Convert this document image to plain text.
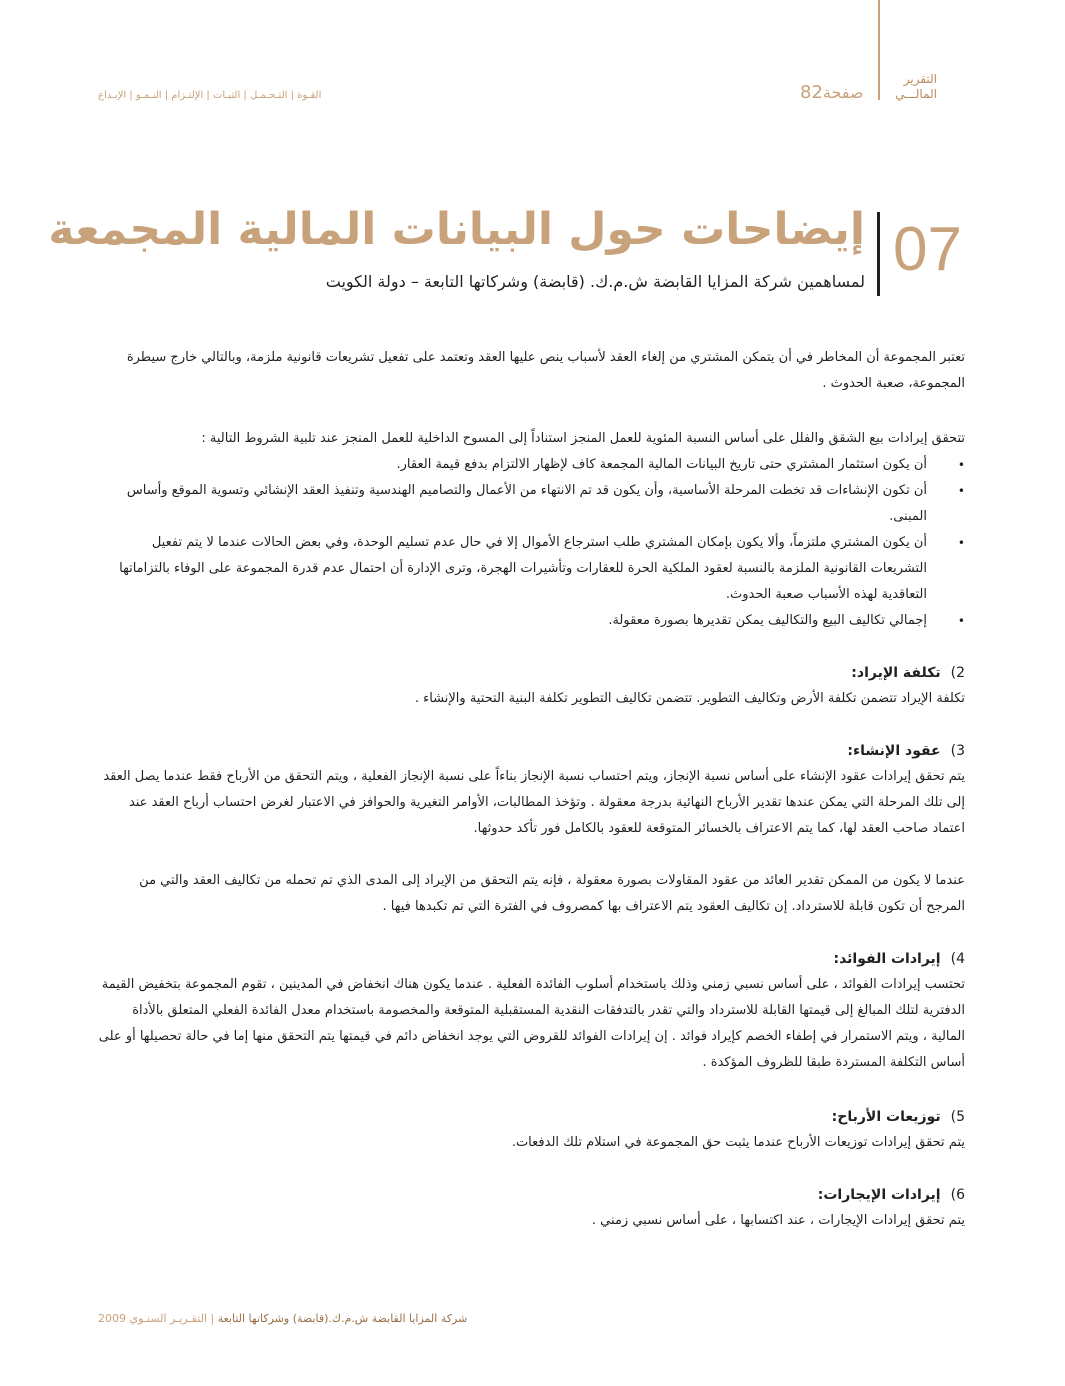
التقرير
المالـــي
صفحة82
القـوة | التـحـمـل | الثبـات | الإلتـزام | النـمـو | الإبـداع
07
إيضاحات حول البيانات المالية المجمعة
لمساهمين شركة المزايا القابضة ش.م.ك. (قابضة) وشركاتها التابعة – دولة الكويت

تعتبر المجموعة أن المخاطر في أن يتمكن المشتري من إلغاء العقد لأسباب ينص عليها العقد وتعتمد على تفعيل تشريعات قانونية ملزمة، وبالتالي خارج سيطرة المجموعة، صعبة الحدوث .

تتحقق إيرادات بيع الشقق والفلل على أساس النسبة المئوية للعمل المنجز استناداً إلى المسوح الداخلية للعمل المنجز عند تلبية الشروط التالية :

• أن يكون استثمار المشتري حتى تاريخ البيانات المالية المجمعة كاف لإظهار الالتزام بدفع قيمة العقار.
• أن تكون الإنشاءات قد تخطت المرحلة الأساسية، وأن يكون قد تم الانتهاء من الأعمال والتصاميم الهندسية وتنفيذ العقد الإنشائي وتسوية الموقع وأساس المبنى.
• أن يكون المشتري ملتزماً، وألا يكون بإمكان المشتري طلب استرجاع الأموال إلا في حال عدم تسليم الوحدة، وفي بعض الحالات عندما لا يتم تفعيل التشريعات القانونية الملزمة بالنسبة لعقود الملكية الحرة للعقارات وتأشيرات الهجرة، وترى الإدارة أن احتمال عدم قدرة المجموعة على الوفاء بالتزاماتها التعاقدية لهذه الأسباب صعبة الحدوث.
• إجمالي تكاليف البيع والتكاليف يمكن تقديرها بصورة معقولة.

2)تكلفة الإيراد:

تكلفة الإيراد تتضمن تكلفة الأرض وتكاليف التطوير. تتضمن تكاليف التطوير تكلفة البنية التحتية والإنشاء .

3)عقود الإنشاء:

يتم تحقق إيرادات عقود الإنشاء على أساس نسبة الإنجاز، ويتم احتساب نسبة الإنجاز بناءاً على نسبة الإنجاز الفعلية ، ويتم التحقق من الأرباح فقط عندما يصل العقد إلى تلك المرحلة التي يمكن عندها تقدير الأرباح النهائية بدرجة معقولة . وتؤخذ المطالبات، الأوامر التغيرية والحوافز في الاعتبار لغرض احتساب أرباح العقد عند اعتماد صاحب العقد لها، كما يتم الاعتراف بالخسائر المتوقعة للعقود بالكامل فور تأكد حدوثها.

عندما لا يكون من الممكن تقدير العائد من عقود المقاولات بصورة معقولة ، فإنه يتم التحقق من الإيراد إلى المدى الذي تم تحمله من تكاليف العقد والتي من المرجح أن تكون قابلة للاسترداد. إن تكاليف العقود يتم الاعتراف بها كمصروف في الفترة التي تم تكبدها فيها .

4)إيرادات الفوائد:

تحتسب إيرادات الفوائد ، على أساس نسبي زمني وذلك باستخدام أسلوب الفائدة الفعلية . عندما يكون هناك انخفاض في المدينين ، تقوم المجموعة بتخفيض القيمة الدفترية لتلك المبالغ إلى قيمتها القابلة للاسترداد والتي تقدر بالتدفقات النقدية المستقبلية المتوقعة والمخصومة باستخدام معدل الفائدة الفعلي المتعلق بالأداة المالية ، ويتم الاستمرار في إطفاء الخصم كإيراد فوائد . إن إيرادات الفوائد للقروض التي يوجد انخفاض دائم في قيمتها يتم التحقق منها إما في حالة تحصيلها أو على أساس التكلفة المستردة طبقا للظروف المؤكدة .

5)توزيعات الأرباح:

يتم تحقق إيرادات توزيعات الأرباح عندما يثبت حق المجموعة في استلام تلك الدفعات.

6)إيرادات الإيجارات:

يتم تحقق إيرادات الإيجارات ، عند اكتسابها ، على أساس نسبي زمني .

شركة المزايا القابضة ش.م.ك.(قابضة) وشركاتها التابعة | التقـريـر السنـوي 2009
